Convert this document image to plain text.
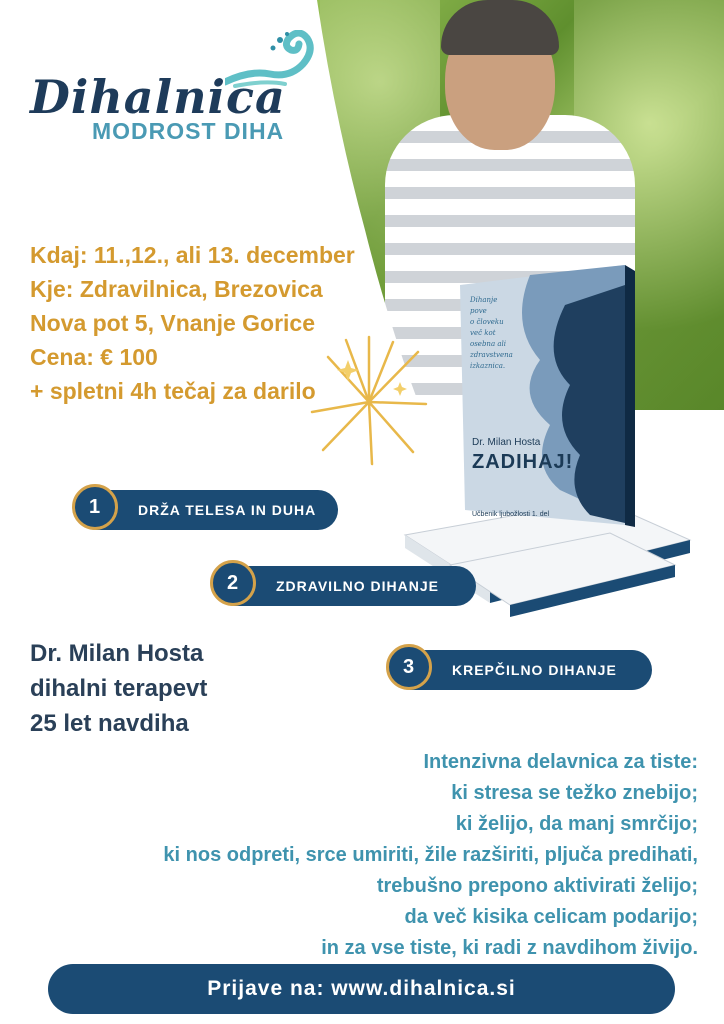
Dihalnica
MODROST DIHA
Kdaj: 11.,12., ali 13. december
Kje: Zdravilnica, Brezovica
Nova pot 5, Vnanje Gorice
Cena: € 100
+ spletni 4h tečaj za darilo
Dihanje
pove
o človeku
več kot
osebna ali
zdravstvena
izkaznica.
Dr. Milan Hosta
ZADIHAJ!
Učbenik ljubožlosti 1. del
1	DRŽA TELESA IN DUHA
2	ZDRAVILNO DIHANJE
3	KREPČILNO DIHANJE
Dr. Milan Hosta
dihalni terapevt
25 let navdiha
Intenzivna delavnica za tiste:
ki stresa se težko znebijo;
ki želijo, da manj smrčijo;
ki nos odpreti, srce umiriti, žile razširiti, pljuča predihati,
trebušno prepono aktivirati želijo;
da več kisika celicam podarijo;
in za vse tiste, ki radi z navdihom živijo.
Prijave na: www.dihalnica.si
